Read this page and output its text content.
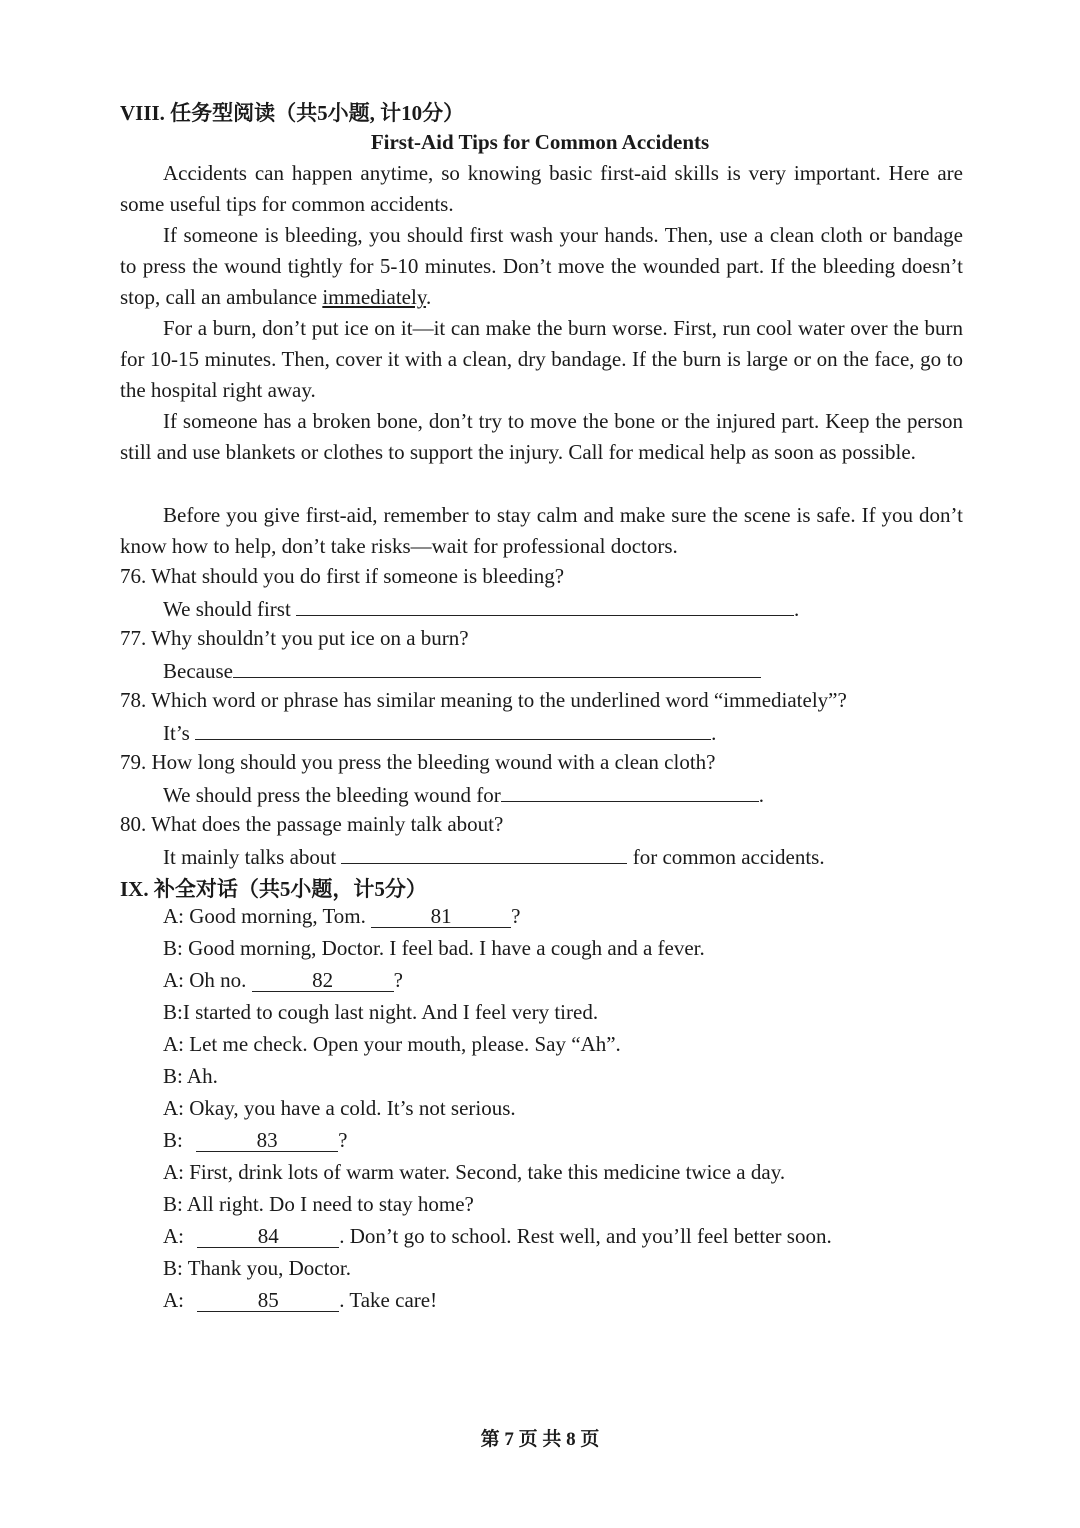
VIII. 任务型阅读（共5小题, 计10分）
First-Aid Tips for Common Accidents

Accidents can happen anytime, so knowing basic first-aid skills is very important. Here are some useful tips for common accidents.

If someone is bleeding, you should first wash your hands. Then, use a clean cloth or bandage to press the wound tightly for 5-10 minutes. Don’t move the wounded part. If the bleeding doesn’t stop, call an ambulance immediately.

For a burn, don’t put ice on it—it can make the burn worse. First, run cool water over the burn for 10-15 minutes. Then, cover it with a clean, dry bandage. If the burn is large or on the face, go to the hospital right away.

If someone has a broken bone, don’t try to move the bone or the injured part. Keep the person still and use blankets or clothes to support the injury. Call for medical help as soon as possible.

Before you give first-aid, remember to stay calm and make sure the scene is safe. If you don’t know how to help, don’t take risks—wait for professional doctors.

76. What should you do first if someone is bleeding?
We should first	.
77. Why shouldn’t you put ice on a burn?
Because
78. Which word or phrase has similar meaning to the underlined word “immediately”?
It’s	.
79. How long should you press the bleeding wound with a clean cloth?
We should press the bleeding wound for	.
80. What does the passage mainly talk about?
It mainly talks about	for common accidents.
IX. 补全对话（共5小题，计5分）
A: Good morning, Tom.	81	?
B: Good morning, Doctor. I feel bad. I have a cough and a fever.
A: Oh no.	82	?
B:I started to cough last night. And I feel very tired.
A: Let me check. Open your mouth, please. Say “Ah”.
B: Ah.
A: Okay, you have a cold. It’s not serious.
B:	83	?
A: First, drink lots of warm water. Second, take this medicine twice a day.
B: All right. Do I need to stay home?
A:	84	. Don’t go to school. Rest well, and you’ll feel better soon.
B: Thank you, Doctor.
A:	85	. Take care!
第 7 页 共 8 页
